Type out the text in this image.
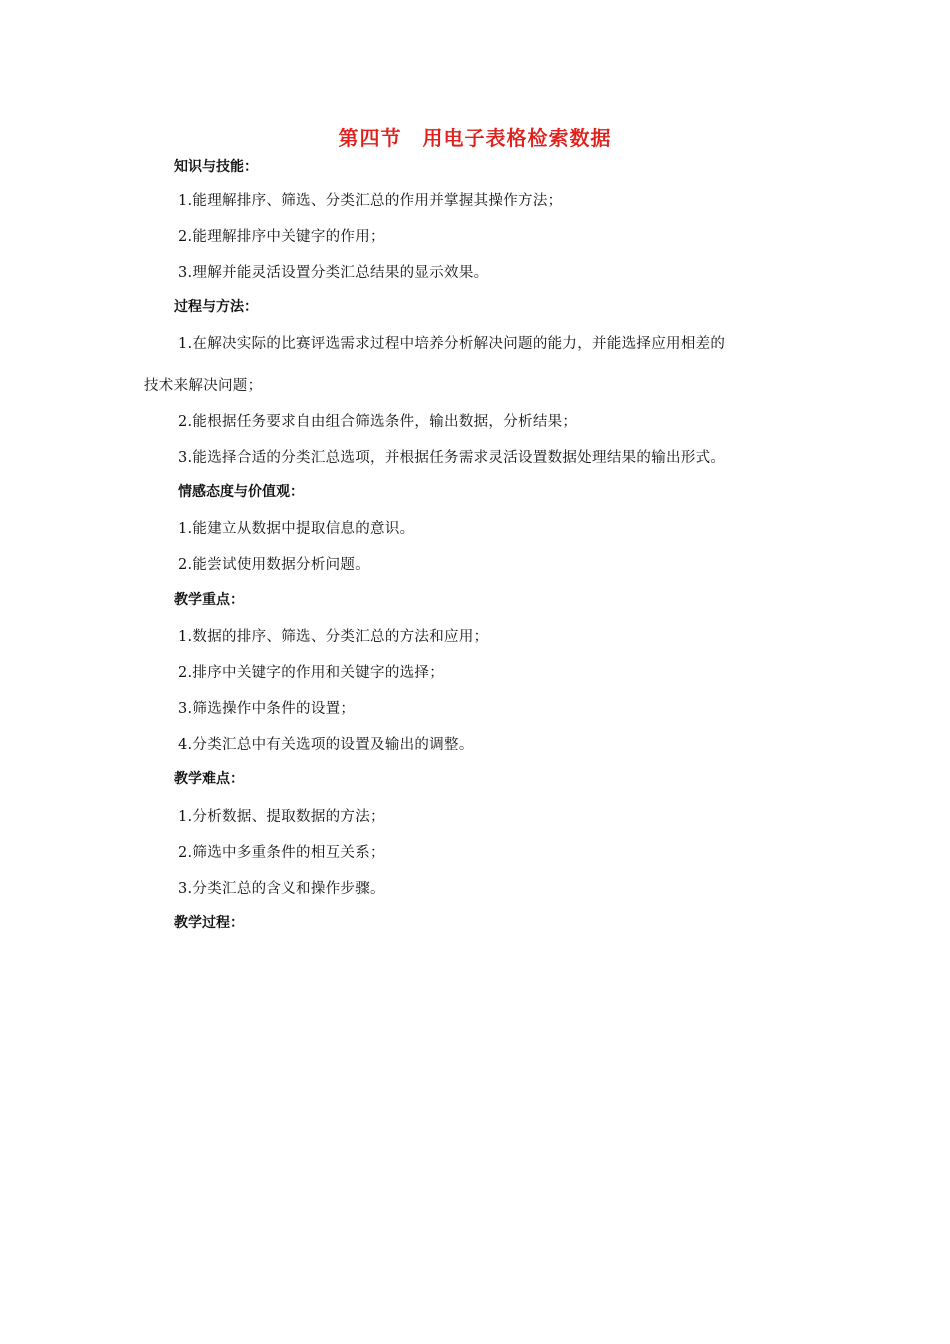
第四节　用电子表格检索数据
知识与技能：
1.能理解排序、筛选、分类汇总的作用并掌握其操作方法；
2.能理解排序中关键字的作用；
3.理解并能灵活设置分类汇总结果的显示效果。
过程与方法：
1.在解决实际的比赛评选需求过程中培养分析解决问题的能力，并能选择应用相差的
技术来解决问题；
2.能根据任务要求自由组合筛选条件，输出数据，分析结果；
3.能选择合适的分类汇总选项，并根据任务需求灵活设置数据处理结果的输出形式。
情感态度与价值观：
1.能建立从数据中提取信息的意识。
2.能尝试使用数据分析问题。
教学重点：
1.数据的排序、筛选、分类汇总的方法和应用；
2.排序中关键字的作用和关键字的选择；
3.筛选操作中条件的设置；
4.分类汇总中有关选项的设置及输出的调整。
教学难点：
1.分析数据、提取数据的方法；
2.筛选中多重条件的相互关系；
3.分类汇总的含义和操作步骤。
教学过程：
